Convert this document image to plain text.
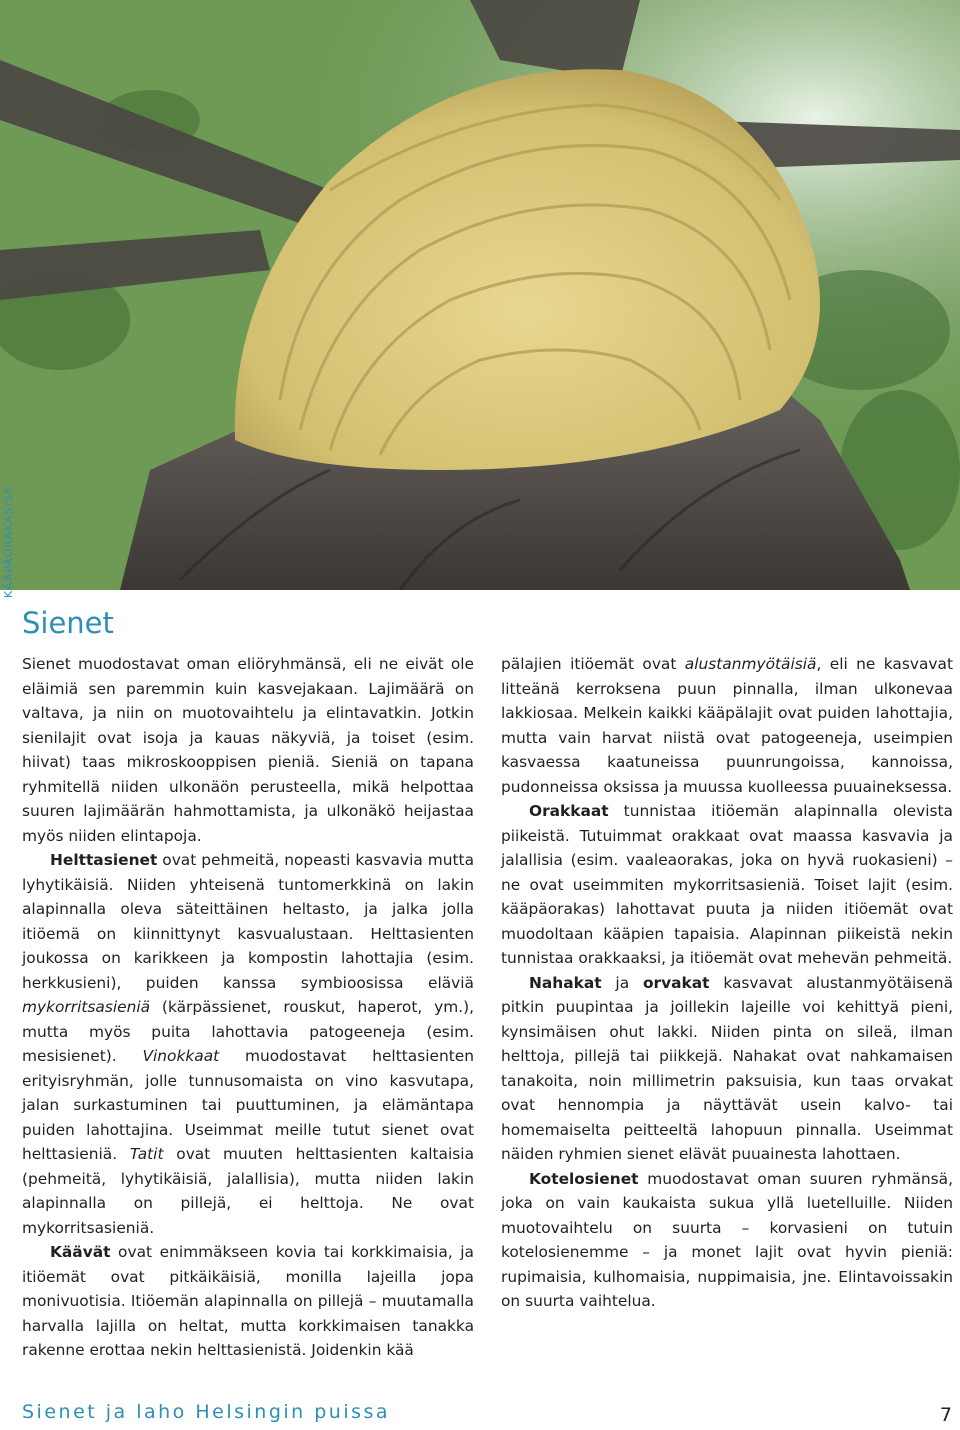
KÄÄPÄORAKAS/SK
Sienet

Sienet muodostavat oman eliöryhmänsä, eli ne eivät ole eläimiä sen paremmin kuin kasvejakaan. Lajimäärä on valtava, ja niin on muotovaihtelu ja elintavatkin. Jotkin sienilajit ovat isoja ja kauas näkyviä, ja toiset (esim. hiivat) taas mikroskooppisen pieniä. Sieniä on tapana ryhmitellä niiden ulkonäön perusteella, mikä helpottaa suuren lajimäärän hahmottamista, ja ulkonäkö heijastaa myös niiden elintapoja.

Helttasienet ovat pehmeitä, nopeasti kasvavia mutta lyhytikäisiä. Niiden yhteisenä tuntomerkkinä on lakin alapinnalla oleva säteittäinen heltasto, ja jalka jolla itiöemä on kiinnittynyt kasvualustaan. Helttasienten joukossa on karikkeen ja kompostin lahottajia (esim. herkkusieni), puiden kanssa symbioosissa eläviä mykorritsasieniä (kärpässienet, rouskut, haperot, ym.), mutta myös puita lahottavia patogeeneja (esim. mesisienet). Vinokkaat muodostavat helttasienten erityisryhmän, jolle tunnusomaista on vino kasvutapa, jalan surkastuminen tai puuttuminen, ja elämäntapa puiden lahottajina. Useimmat meille tutut sienet ovat helttasieniä. Tatit ovat muuten helttasienten kaltaisia (pehmeitä, lyhytikäisiä, jalallisia), mutta niiden lakin alapinnalla on pillejä, ei helttoja. Ne ovat mykorritsasieniä.

Käävät ovat enimmäkseen kovia tai korkkimaisia, ja itiöemät ovat pitkäikäisiä, monilla lajeilla jopa monivuotisia. Itiöemän alapinnalla on pillejä – muutamalla harvalla lajilla on heltat, mutta korkkimaisen tanakka rakenne erottaa nekin helttasienistä. Joidenkin kää

pälajien itiöemät ovat alustanmyötäisiä, eli ne kasvavat litteänä kerroksena puun pinnalla, ilman ulkonevaa lakkiosaa. Melkein kaikki kääpälajit ovat puiden lahottajia, mutta vain harvat niistä ovat patogeeneja, useimpien kasvaessa kaatuneissa puunrungoissa, kannoissa, pudonneissa oksissa ja muussa kuolleessa puuaineksessa.

Orakkaat tunnistaa itiöemän alapinnalla olevista piikeistä. Tutuimmat orakkaat ovat maassa kasvavia ja jalallisia (esim. vaaleaorakas, joka on hyvä ruokasieni) – ne ovat useimmiten mykorritsasieniä. Toiset lajit (esim. kääpäorakas) lahottavat puuta ja niiden itiöemät ovat muodoltaan kääpien tapaisia. Alapinnan piikeistä nekin tunnistaa orakkaaksi, ja itiöemät ovat mehevän pehmeitä.

Nahakat ja orvakat kasvavat alustanmyötäisenä pitkin puupintaa ja joillekin lajeille voi kehittyä pieni, kynsimäisen ohut lakki. Niiden pinta on sileä, ilman helttoja, pillejä tai piikkejä. Nahakat ovat nahkamaisen tanakoita, noin millimetrin paksuisia, kun taas orvakat ovat hennompia ja näyttävät usein kalvo- tai homemaiselta peitteeltä lahopuun pinnalla. Useimmat näiden ryhmien sienet elävät puuainesta lahottaen.

Kotelosienet muodostavat oman suuren ryhmänsä, joka on vain kaukaista sukua yllä luetelluille. Niiden muotovaihtelu on suurta – korvasieni on tutuin kotelosienemme – ja monet lajit ovat hyvin pieniä: rupimaisia, kulhomaisia, nuppimaisia, jne. Elintavoissakin on suurta vaihtelua.

Sienet ja laho Helsingin puissa	7
